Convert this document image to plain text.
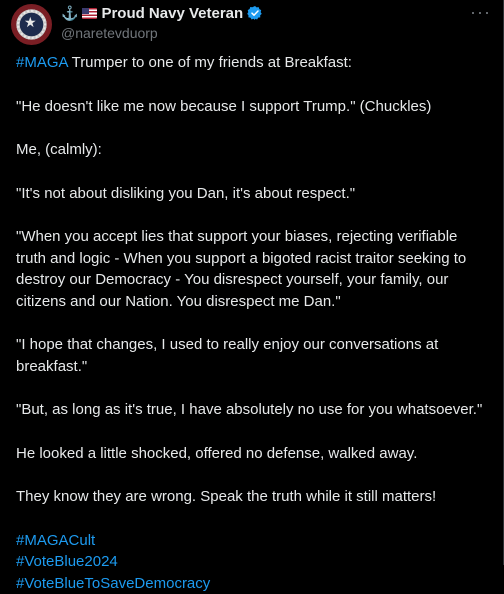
★
⚓ Proud Navy Veteran
@naretevduorp
···

#MAGA Trumper to one of my friends at Breakfast:

"He doesn't like me now because I support Trump." (Chuckles)

Me, (calmly):

"It's not about disliking you Dan, it's about respect."

"When you accept lies that support your biases, rejecting verifiable truth and logic - When you support a bigoted racist traitor seeking to destroy our Democracy - You disrespect yourself, your family, our citizens and our Nation. You disrespect me Dan."

"I hope that changes, I used to really enjoy our conversations at breakfast."

"But, as long as it's true, I have absolutely no use for you whatsoever."

He looked a little shocked, offered no defense, walked away.

They know they are wrong. Speak the truth while it still matters!

#MAGACult
#VoteBlue2024
#VoteBlueToSaveDemocracy
